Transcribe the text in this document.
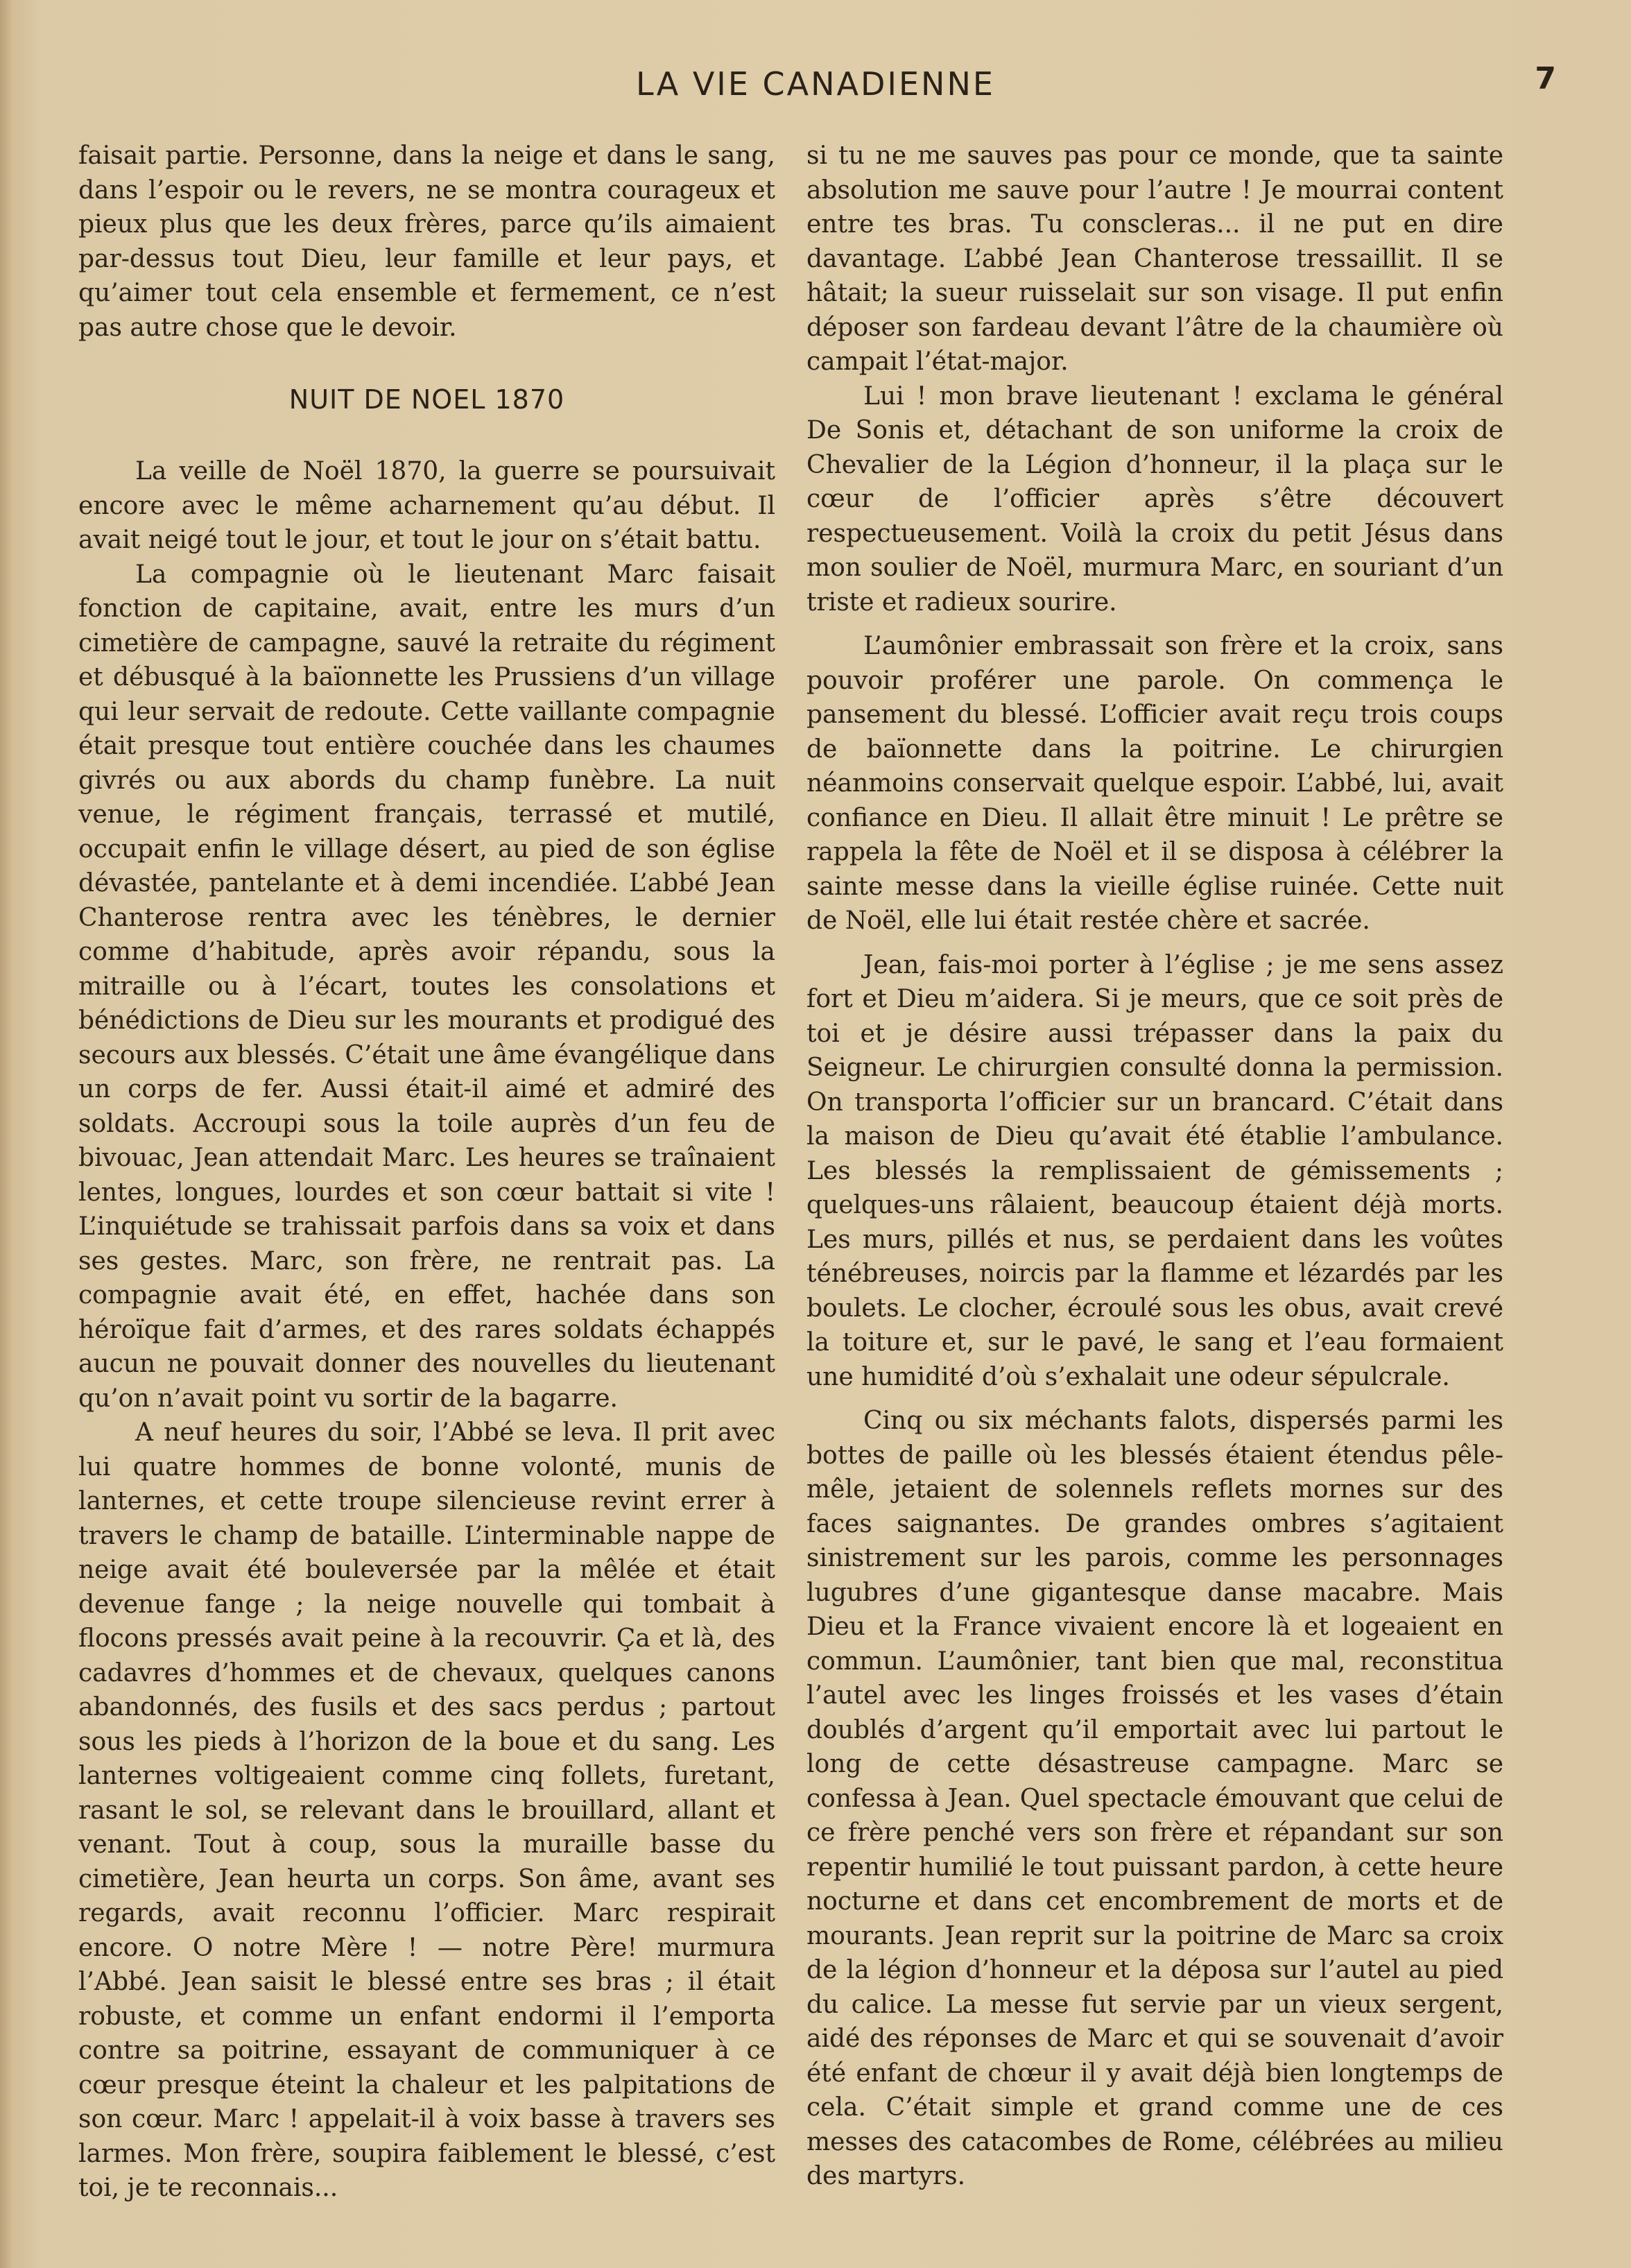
LA VIE CANADIENNE	7

faisait partie. Personne, dans la neige et dans le sang, dans l’espoir ou le revers, ne se montra courageux et pieux plus que les deux frères, parce qu’ils aimaient par-dessus tout Dieu, leur famille et leur pays, et qu’aimer tout cela ensemble et fermement, ce n’est pas autre chose que le devoir.

NUIT DE NOEL 1870

La veille de Noël 1870, la guerre se poursuivait encore avec le même acharnement qu’au début. Il avait neigé tout le jour, et tout le jour on s’était battu.

La compagnie où le lieutenant Marc faisait fonction de capitaine, avait, entre les murs d’un cimetière de campagne, sauvé la retraite du régiment et débusqué à la baïonnette les Prussiens d’un village qui leur servait de redoute. Cette vaillante compagnie était presque tout entière couchée dans les chaumes givrés ou aux abords du champ funèbre. La nuit venue, le régiment français, terrassé et mutilé, occupait enfin le village désert, au pied de son église dévastée, pantelante et à demi incendiée. L’abbé Jean Chanterose rentra avec les ténèbres, le dernier comme d’habitude, après avoir répandu, sous la mitraille ou à l’écart, toutes les consolations et bénédictions de Dieu sur les mourants et prodigué des secours aux blessés. C’était une âme évangélique dans un corps de fer. Aussi était-il aimé et admiré des soldats. Accroupi sous la toile auprès d’un feu de bivouac, Jean attendait Marc. Les heures se traînaient lentes, longues, lourdes et son cœur battait si vite ! L’inquiétude se trahissait parfois dans sa voix et dans ses gestes. Marc, son frère, ne rentrait pas. La compagnie avait été, en effet, hachée dans son héroïque fait d’armes, et des rares soldats échappés aucun ne pouvait donner des nouvelles du lieutenant qu’on n’avait point vu sortir de la bagarre.

A neuf heures du soir, l’Abbé se leva. Il prit avec lui quatre hommes de bonne volonté, munis de lanternes, et cette troupe silencieuse revint errer à travers le champ de bataille. L’interminable nappe de neige avait été bouleversée par la mêlée et était devenue fange ; la neige nouvelle qui tombait à flocons pressés avait peine à la recouvrir. Ça et là, des cadavres d’hommes et de chevaux, quelques canons abandonnés, des fusils et des sacs perdus ; partout sous les pieds à l’horizon de la boue et du sang. Les lanternes voltigeaient comme cinq follets, furetant, rasant le sol, se relevant dans le brouillard, allant et venant. Tout à coup, sous la muraille basse du cimetière, Jean heurta un corps. Son âme, avant ses regards, avait reconnu l’officier. Marc respirait encore. O notre Mère ! — notre Père! murmura l’Abbé. Jean saisit le blessé entre ses bras ; il était robuste, et comme un enfant endormi il l’emporta contre sa poitrine, essayant de communiquer à ce cœur presque éteint la chaleur et les palpitations de son cœur. Marc ! appelait-il à voix basse à travers ses larmes. Mon frère, soupira faiblement le blessé, c’est toi, je te reconnais...

si tu ne me sauves pas pour ce monde, que ta sainte absolution me sauve pour l’autre ! Je mourrai content entre tes bras. Tu conscleras... il ne put en dire davantage. L’abbé Jean Chanterose tressaillit. Il se hâtait; la sueur ruisselait sur son visage. Il put enfin déposer son fardeau devant l’âtre de la chaumière où campait l’état-major.

Lui ! mon brave lieutenant ! exclama le général De Sonis et, détachant de son uniforme la croix de Chevalier de la Légion d’honneur, il la plaça sur le cœur de l’officier après s’être découvert respectueusement. Voilà la croix du petit Jésus dans mon soulier de Noël, murmura Marc, en souriant d’un triste et radieux sourire.

L’aumônier embrassait son frère et la croix, sans pouvoir proférer une parole. On commença le pansement du blessé. L’officier avait reçu trois coups de baïonnette dans la poitrine. Le chirurgien néanmoins conservait quelque espoir. L’abbé, lui, avait confiance en Dieu. Il allait être minuit ! Le prêtre se rappela la fête de Noël et il se disposa à célébrer la sainte messe dans la vieille église ruinée. Cette nuit de Noël, elle lui était restée chère et sacrée.

Jean, fais-moi porter à l’église ; je me sens assez fort et Dieu m’aidera. Si je meurs, que ce soit près de toi et je désire aussi trépasser dans la paix du Seigneur. Le chirurgien consulté donna la permission. On transporta l’officier sur un brancard. C’était dans la maison de Dieu qu’avait été établie l’ambulance. Les blessés la remplissaient de gémissements ; quelques-uns râlaient, beaucoup étaient déjà morts. Les murs, pillés et nus, se perdaient dans les voûtes ténébreuses, noircis par la flamme et lézardés par les boulets. Le clocher, écroulé sous les obus, avait crevé la toiture et, sur le pavé, le sang et l’eau formaient une humidité d’où s’exhalait une odeur sépulcrale.

Cinq ou six méchants falots, dispersés parmi les bottes de paille où les blessés étaient étendus pêle-mêle, jetaient de solennels reflets mornes sur des faces saignantes. De grandes ombres s’agitaient sinistrement sur les parois, comme les personnages lugubres d’une gigantesque danse macabre. Mais Dieu et la France vivaient encore là et logeaient en commun. L’aumônier, tant bien que mal, reconstitua l’autel avec les linges froissés et les vases d’étain doublés d’argent qu’il emportait avec lui partout le long de cette désastreuse campagne. Marc se confessa à Jean. Quel spectacle émouvant que celui de ce frère penché vers son frère et répandant sur son repentir humilié le tout puissant pardon, à cette heure nocturne et dans cet encombrement de morts et de mourants. Jean reprit sur la poitrine de Marc sa croix de la légion d’honneur et la déposa sur l’autel au pied du calice. La messe fut servie par un vieux sergent, aidé des réponses de Marc et qui se souvenait d’avoir été enfant de chœur il y avait déjà bien longtemps de cela. C’était simple et grand comme une de ces messes des catacombes de Rome, célébrées au milieu des martyrs.
